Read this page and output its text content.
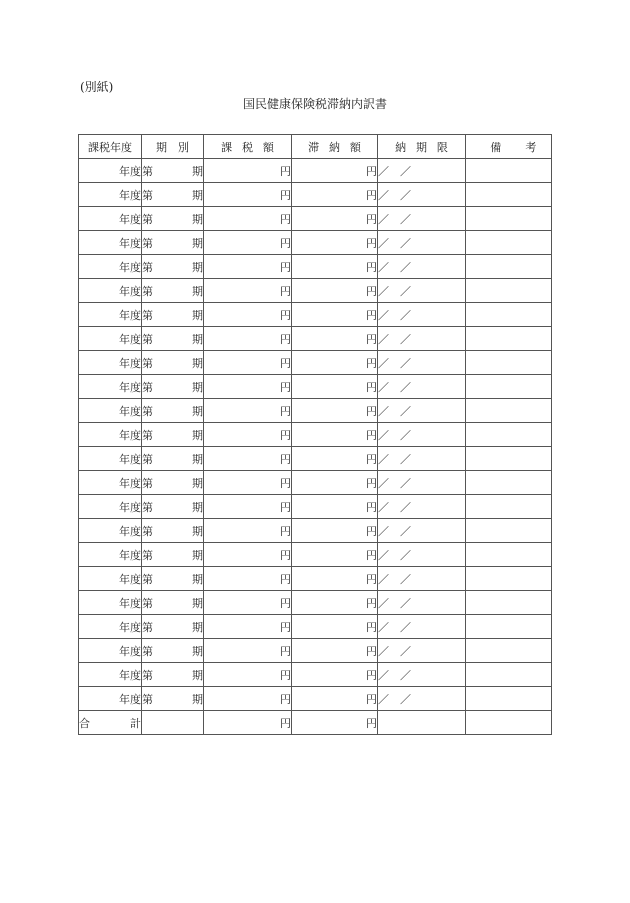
(別紙)
国民健康保険税滞納内訳書
課税年度	期　別	課税額	滞納額	納期限	備考
年度	第 期	円	円	／　／	
年度	第 期	円	円	／　／	
年度	第 期	円	円	／　／	
年度	第 期	円	円	／　／	
年度	第 期	円	円	／　／	
年度	第 期	円	円	／　／	
年度	第 期	円	円	／　／	
年度	第 期	円	円	／　／	
年度	第 期	円	円	／　／	
年度	第 期	円	円	／　／	
年度	第 期	円	円	／　／	
年度	第 期	円	円	／　／	
年度	第 期	円	円	／　／	
年度	第 期	円	円	／　／	
年度	第 期	円	円	／　／	
年度	第 期	円	円	／　／	
年度	第 期	円	円	／　／	
年度	第 期	円	円	／　／	
年度	第 期	円	円	／　／	
年度	第 期	円	円	／　／	
年度	第 期	円	円	／　／	
年度	第 期	円	円	／　／	
年度	第 期	円	円	／　／	
合計		円	円		
